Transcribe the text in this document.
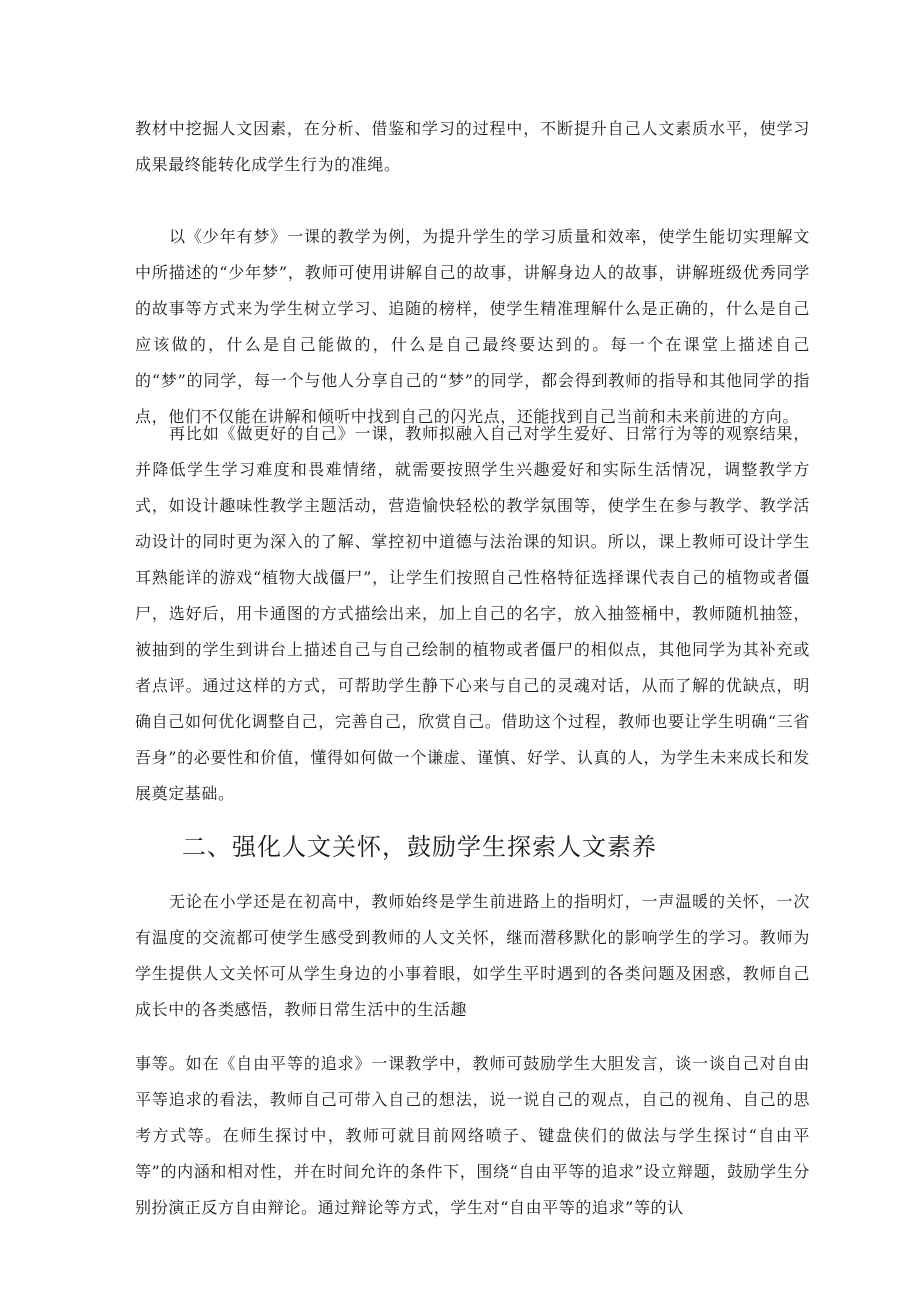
教材中挖掘人文因素，在分析、借鉴和学习的过程中，不断提升自己人文素质水平，使学习成果最终能转化成学生行为的准绳。

以《少年有梦》一课的教学为例，为提升学生的学习质量和效率，使学生能切实理解文中所描述的“少年梦”，教师可使用讲解自己的故事，讲解身边人的故事，讲解班级优秀同学的故事等方式来为学生树立学习、追随的榜样，使学生精准理解什么是正确的，什么是自己应该做的，什么是自己能做的，什么是自己最终要达到的。每一个在课堂上描述自己的“梦”的同学，每一个与他人分享自己的“梦”的同学，都会得到教师的指导和其他同学的指点，他们不仅能在讲解和倾听中找到自己的闪光点，还能找到自己当前和未来前进的方向。

再比如《做更好的自己》一课，教师拟融入自己对学生爱好、日常行为等的观察结果，并降低学生学习难度和畏难情绪，就需要按照学生兴趣爱好和实际生活情况，调整教学方式，如设计趣味性教学主题活动，营造愉快轻松的教学氛围等，使学生在参与教学、教学活动设计的同时更为深入的了解、掌控初中道德与法治课的知识。所以，课上教师可设计学生耳熟能详的游戏“植物大战僵尸”，让学生们按照自己性格特征选择课代表自己的植物或者僵尸，选好后，用卡通图的方式描绘出来，加上自己的名字，放入抽签桶中，教师随机抽签，被抽到的学生到讲台上描述自己与自己绘制的植物或者僵尸的相似点，其他同学为其补充或者点评。通过这样的方式，可帮助学生静下心来与自己的灵魂对话，从而了解的优缺点，明确自己如何优化调整自己，完善自己，欣赏自己。借助这个过程，教师也要让学生明确“三省吾身”的必要性和价值，懂得如何做一个谦虚、谨慎、好学、认真的人，为学生未来成长和发展奠定基础。

二、强化人文关怀，鼓励学生探索人文素养

无论在小学还是在初高中，教师始终是学生前进路上的指明灯，一声温暖的关怀，一次有温度的交流都可使学生感受到教师的人文关怀，继而潜移默化的影响学生的学习。教师为学生提供人文关怀可从学生身边的小事着眼，如学生平时遇到的各类问题及困惑，教师自己成长中的各类感悟，教师日常生活中的生活趣

事等。如在《自由平等的追求》一课教学中，教师可鼓励学生大胆发言，谈一谈自己对自由平等追求的看法，教师自己可带入自己的想法，说一说自己的观点，自己的视角、自己的思考方式等。在师生探讨中，教师可就目前网络喷子、键盘侠们的做法与学生探讨“自由平等”的内涵和相对性，并在时间允许的条件下，围绕“自由平等的追求”设立辩题，鼓励学生分别扮演正反方自由辩论。通过辩论等方式，学生对“自由平等的追求”等的认
